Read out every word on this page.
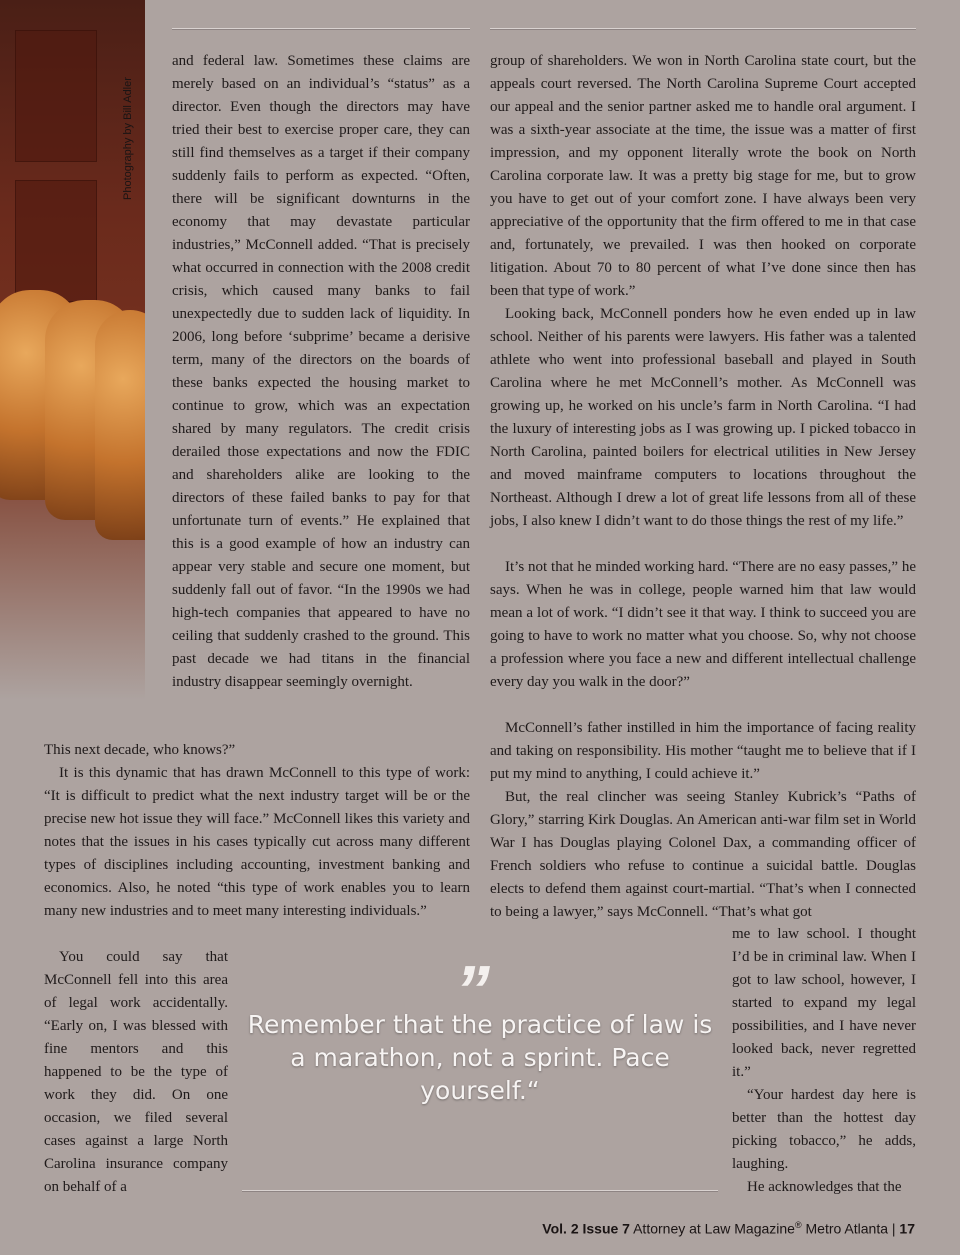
Photography by Bill Adler

and federal law. Sometimes these claims are merely based on an individual’s “status” as a director. Even though the directors may have tried their best to exercise proper care, they can still find themselves as a target if their company suddenly fails to perform as expected. “Often, there will be significant downturns in the economy that may devastate particular industries,” McConnell added. “That is precisely what occurred in connection with the 2008 credit crisis, which caused many banks to fail unexpectedly due to sudden lack of liquidity. In 2006, long before ‘subprime’ became a derisive term, many of the directors on the boards of these banks expected the housing market to continue to grow, which was an expectation shared by many regulators. The credit crisis derailed those expectations and now the FDIC and shareholders alike are looking to the directors of these failed banks to pay for that unfortunate turn of events.” He explained that this is a good example of how an industry can appear very stable and secure one moment, but suddenly fall out of favor. “In the 1990s we had high-tech companies that appeared to have no ceiling that suddenly crashed to the ground. This past decade we had titans in the financial industry disappear seemingly overnight.

This next decade, who knows?”

It is this dynamic that has drawn McConnell to this type of work: “It is difficult to predict what the next industry target will be or the precise new hot issue they will face.” McConnell likes this variety and notes that the issues in his cases typically cut across many different types of disciplines including accounting, investment banking and economics. Also, he noted “this type of work enables you to learn many new industries and to meet many interesting individuals.”

You could say that McConnell fell into this area of legal work accidentally. “Early on, I was blessed with fine mentors and this happened to be the type of work they did. On one occasion, we filed several cases against a large North Carolina insurance company on behalf of a

group of shareholders. We won in North Carolina state court, but the appeals court reversed. The North Carolina Supreme Court accepted our appeal and the senior partner asked me to handle oral argument. I was a sixth-year associate at the time, the issue was a matter of first impression, and my opponent literally wrote the book on North Carolina corporate law. It was a pretty big stage for me, but to grow you have to get out of your comfort zone. I have always been very appreciative of the opportunity that the firm offered to me in that case and, fortunately, we prevailed. I was then hooked on corporate litigation. About 70 to 80 percent of what I’ve done since then has been that type of work.”

Looking back, McConnell ponders how he even ended up in law school. Neither of his parents were lawyers. His father was a talented athlete who went into professional baseball and played in South Carolina where he met McConnell’s mother. As McConnell was growing up, he worked on his uncle’s farm in North Carolina. “I had the luxury of interesting jobs as I was growing up. I picked tobacco in North Carolina, painted boilers for electrical utilities in New Jersey and moved mainframe computers to locations throughout the Northeast. Although I drew a lot of great life lessons from all of these jobs, I also knew I didn’t want to do those things the rest of my life.”

It’s not that he minded working hard. “There are no easy passes,” he says. When he was in college, people warned him that law would mean a lot of work. “I didn’t see it that way. I think to succeed you are going to have to work no matter what you choose. So, why not choose a profession where you face a new and different intellectual challenge every day you walk in the door?”

McConnell’s father instilled in him the importance of facing reality and taking on responsibility. His mother “taught me to believe that if I put my mind to anything, I could achieve it.”

But, the real clincher was seeing Stanley Kubrick’s “Paths of Glory,” starring Kirk Douglas. An American anti-war film set in World War I has Douglas playing Colonel Dax, a commanding officer of French soldiers who refuse to continue a suicidal battle. Douglas elects to defend them against court-martial. “That’s when I connected to being a lawyer,” says McConnell. “That’s what got

me to law school. I thought I’d be in criminal law. When I got to law school, however, I started to expand my legal possibilities, and I have never looked back, never regretted it.”

“Your hardest day here is better than the hottest day picking tobacco,” he adds, laughing.

He acknowledges that the

”
Remember that the practice of law is a marathon, not a sprint. Pace yourself.“
Vol. 2 Issue 7 Attorney at Law Magazine® Metro Atlanta | 17
